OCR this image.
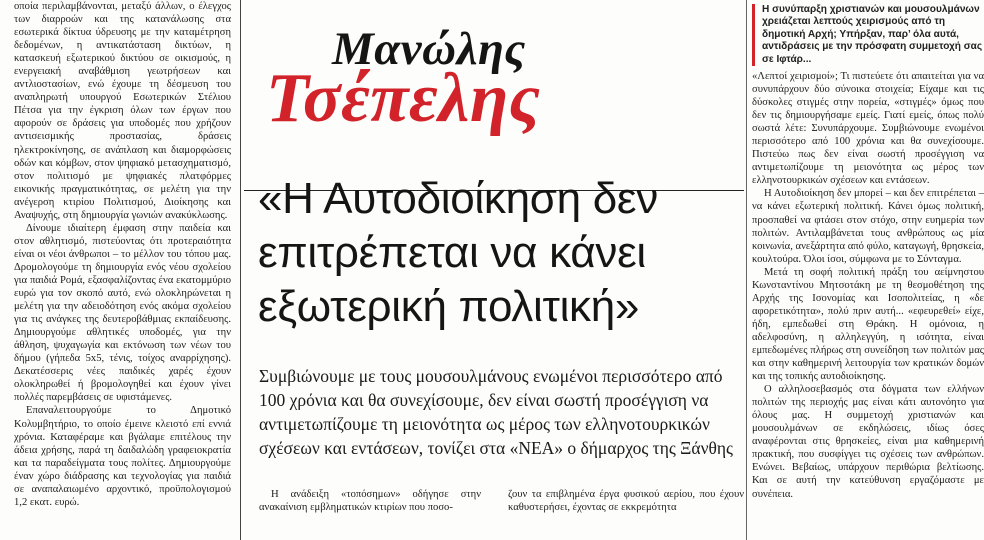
οποία περιλαμβάνονται, μεταξύ άλλων, ο έλεγχος των διαρροών και της κατανάλωσης στα εσωτερικά δίκτυα ύδρευσης με την καταμέτρηση δεδομένων, η αντικατάσταση δικτύων, η κατασκευή εξωτερικού δικτύου σε οικισμούς, η ενεργειακή αναβάθμιση γεωτρήσεων και αντλιοστασίων, ενώ έχουμε τη δέσμευση του αναπληρωτή υπουργού Εσωτερικών Στέλιου Πέτσα για την έγκριση όλων των έργων που αφορούν σε δράσεις για υποδομές που χρήζουν αντισεισμικής προστασίας, δράσεις ηλεκτροκίνησης, σε ανάπλαση και διαμορφώσεις οδών και κόμβων, στον ψηφιακό μετασχηματισμό, στον πολιτισμό με ψηφιακές πλατφόρμες εικονικής πραγματικότητας, σε μελέτη για την ανέγερση κτιρίου Πολιτισμού, Διοίκησης και Αναψυχής, στη δημιουργία γωνιών ανακύκλωσης.

Δίνουμε ιδιαίτερη έμφαση στην παιδεία και στον αθλητισμό, πιστεύοντας ότι προτεραιότητα είναι οι νέοι άνθρωποι – το μέλλον του τόπου μας. Δρομολογούμε τη δημιουργία ενός νέου σχολείου για παιδιά Ρομά, εξασφαλίζοντας ένα εκατομμύριο ευρώ για τον σκοπό αυτό, ενώ ολοκληρώνεται η μελέτη για την αδειοδότηση ενός ακόμα σχολείου για τις ανάγκες της δευτεροβάθμιας εκπαίδευσης. Δημιουργούμε αθλητικές υποδομές, για την άθληση, ψυχαγωγία και εκτόνωση των νέων του δήμου (γήπεδα 5x5, τένις, τοίχος αναρρίχησης). Δεκατέσσερις νέες παιδικές χαρές έχουν ολοκληρωθεί ή βρομολογηθεί και έχουν γίνει πολλές παρεμβάσεις σε υφιστάμενες.

Επαναλειτουργούμε το Δημοτικό Κολυμβητήριο, το οποίο έμεινε κλειστό επί εννιά χρόνια. Καταφέραμε και βγάλαμε επιτέλους την άδεια χρήσης, παρά τη δαιδαλώδη γραφειοκρατία και τα παραδείγματα τους πολίτες. Δημιουργούμε έναν χώρο διάδρασης και τεχνολογίας για παιδιά σε αναπαλαιωμένο αρχοντικό, προϋπολογισμού 1,2 εκατ. ευρώ.

Μανώλης
Τσέπελης
«Η Αυτοδιοίκηση δεν επιτρέπεται να κάνει εξωτερική πολιτική»

Συμβιώνουμε με τους μουσουλμάνους ενωμένοι περισσότερο από 100 χρόνια και θα συνεχίσουμε, δεν είναι σωστή προσέγγιση να αντιμετωπίζουμε τη μειονότητα ως μέρος των ελληνοτουρκικών σχέσεων και εντάσεων, τονίζει στα «ΝΕΑ» ο δήμαρχος της Ξάνθης

Η ανάδειξη «τοπόσημων» οδήγησε στην ανακαίνιση εμβληματικών κτιρίων που ποσο-

ζουν τα επιβλημένα έργα φυσικού αερίου, που έχουν καθυστερήσει, έχοντας σε εκκρεμότητα

Η συνύπαρξη χριστιανών και μουσουλμάνων χρειάζεται λεπτούς χειρισμούς από τη δημοτική Αρχή; Υπήρξαν, παρ’ όλα αυτά, αντιδράσεις με την πρόσφατη συμμετοχή σας σε Ιφτάρ...

«Λεπτοί χειρισμοί»; Τι πιστεύετε ότι απαιτείται για να συνυπάρχουν δύο σύνοικα στοιχεία; Είχαμε και τις δύσκολες στιγμές στην πορεία, «στιγμές» όμως που δεν τις δημιουργήσαμε εμείς. Γιατί εμείς, όπως πολύ σωστά λέτε: Συνυπάρχουμε. Συμβιώνουμε ενωμένοι περισσότερο από 100 χρόνια και θα συνεχίσουμε. Πιστεύω πως δεν είναι σωστή προσέγγιση να αντιμετωπίζουμε τη μειονότητα ως μέρος των ελληνοτουρκικών σχέσεων και εντάσεων.

Η Αυτοδιοίκηση δεν μπορεί – και δεν επιτρέπεται – να κάνει εξωτερική πολιτική. Κάνει όμως πολιτική, προσπαθεί να φτάσει στον στόχο, στην ευημερία των πολιτών. Αντιλαμβάνεται τους ανθρώπους ως μία κοινωνία, ανεξάρτητα από φύλο, καταγωγή, θρησκεία, κουλτούρα. Όλοι ίσοι, σύμφωνα με το Σύνταγμα.

Μετά τη σοφή πολιτική πράξη του αείμνηστου Κωνσταντίνου Μητσοτάκη με τη θεσμοθέτηση της Αρχής της Ισονομίας και Ισοπολιτείας, η «δε αφορετικότητα», πολύ πριν αυτή... «εφευρεθεί» είχε, ήδη, εμπεδωθεί στη Θράκη. Η ομόνοια, η αδελφοσύνη, η αλληλεγγύη, η ισότητα, είναι εμπεδωμένες πλήρως στη συνείδηση των πολιτών μας και στην καθημερινή λειτουργία των κρατικών δομών και της τοπικής αυτοδιοίκησης.

Ο αλληλοσεβασμός στα δόγματα των ελλήνων πολιτών της περιοχής μας είναι κάτι αυτονόητο για όλους μας. Η συμμετοχή χριστιανών και μουσουλμάνων σε εκδηλώσεις, ιδίως όσες αναφέρονται στις θρησκείες, είναι μια καθημερινή πρακτική, που συσφίγγει τις σχέσεις των ανθρώπων. Ενώνει. Βεβαίως, υπάρχουν περιθώρια βελτίωσης. Και σε αυτή την κατεύθυνση εργαζόμαστε με συνέπεια.
